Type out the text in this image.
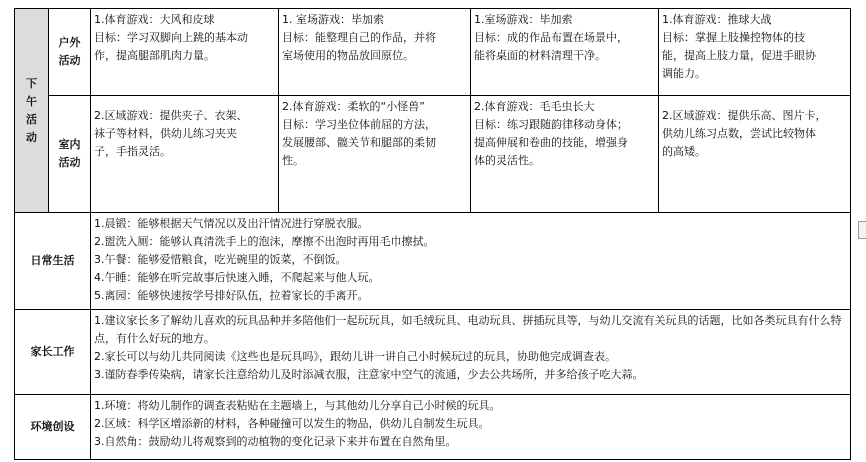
下
午
活
动	户外
活动	1.体育游戏：大风和皮球
目标：学习双脚向上跳的基本动
作，提高腿部肌肉力量。	1. 室场游戏：毕加索
目标：能整理自己的作品，并将
室场使用的物品放回原位。	1.室场游戏：毕加索
目标：成的作品布置在场景中，
能将桌面的材料清理干净。	1.体育游戏：推球大战
目标：掌握上肢操控物体的技
能，提高上肢力量，促进手眼协
调能力。

	室内
活动	2.区域游戏：提供夹子、衣架、
袜子等材料，供幼儿练习夹夹
子，手指灵活。	2.体育游戏：柔软的“小怪兽”
目标：学习坐位体前屈的方法，
发展腰部、髋关节和腿部的柔韧
性。	2.体育游戏：毛毛虫长大
目标：练习跟随韵律移动身体；
提高伸展和卷曲的技能，增强身
体的灵活性。	2.区域游戏：提供乐高、图片卡，
供幼儿练习点数，尝试比较物体
的高矮。

日常生活		1.晨锻：能够根据天气情况以及出汗情况进行穿脱衣服。
2.盥洗入厕：能够认真清洗手上的泡沫，摩擦不出泡时再用毛巾擦拭。
3.午餐：能够爱惜粮食，吃光碗里的饭菜，不倒饭。
4.午睡：能够在听完故事后快速入睡，不爬起来与他人玩。
5.离园：能够快速按学号排好队伍，拉着家长的手离开。			

家长工作		1.建议家长多了解幼儿喜欢的玩具品种并多陪他们一起玩玩具，如毛绒玩具、电动玩具、拼插玩具等，与幼儿交流有关玩具的话题，比如各类玩具有什么特点，有什么好玩的地方。
2.家长可以与幼儿共同阅读《这些也是玩具吗》，跟幼儿讲一讲自己小时候玩过的玩具，协助他完成调查表。
3.谨防春季传染病，请家长注意给幼儿及时添减衣服，注意家中空气的流通，少去公共场所，并多给孩子吃大蒜。			

环境创设		1.环境：将幼儿制作的调查表粘贴在主题墙上，与其他幼儿分享自己小时候的玩具。
2.区域：科学区增添新的材料，各种碰撞可以发生的物品，供幼儿自制发生玩具。
3.自然角：鼓励幼儿将观察到的动植物的变化记录下来并布置在自然角里。			
